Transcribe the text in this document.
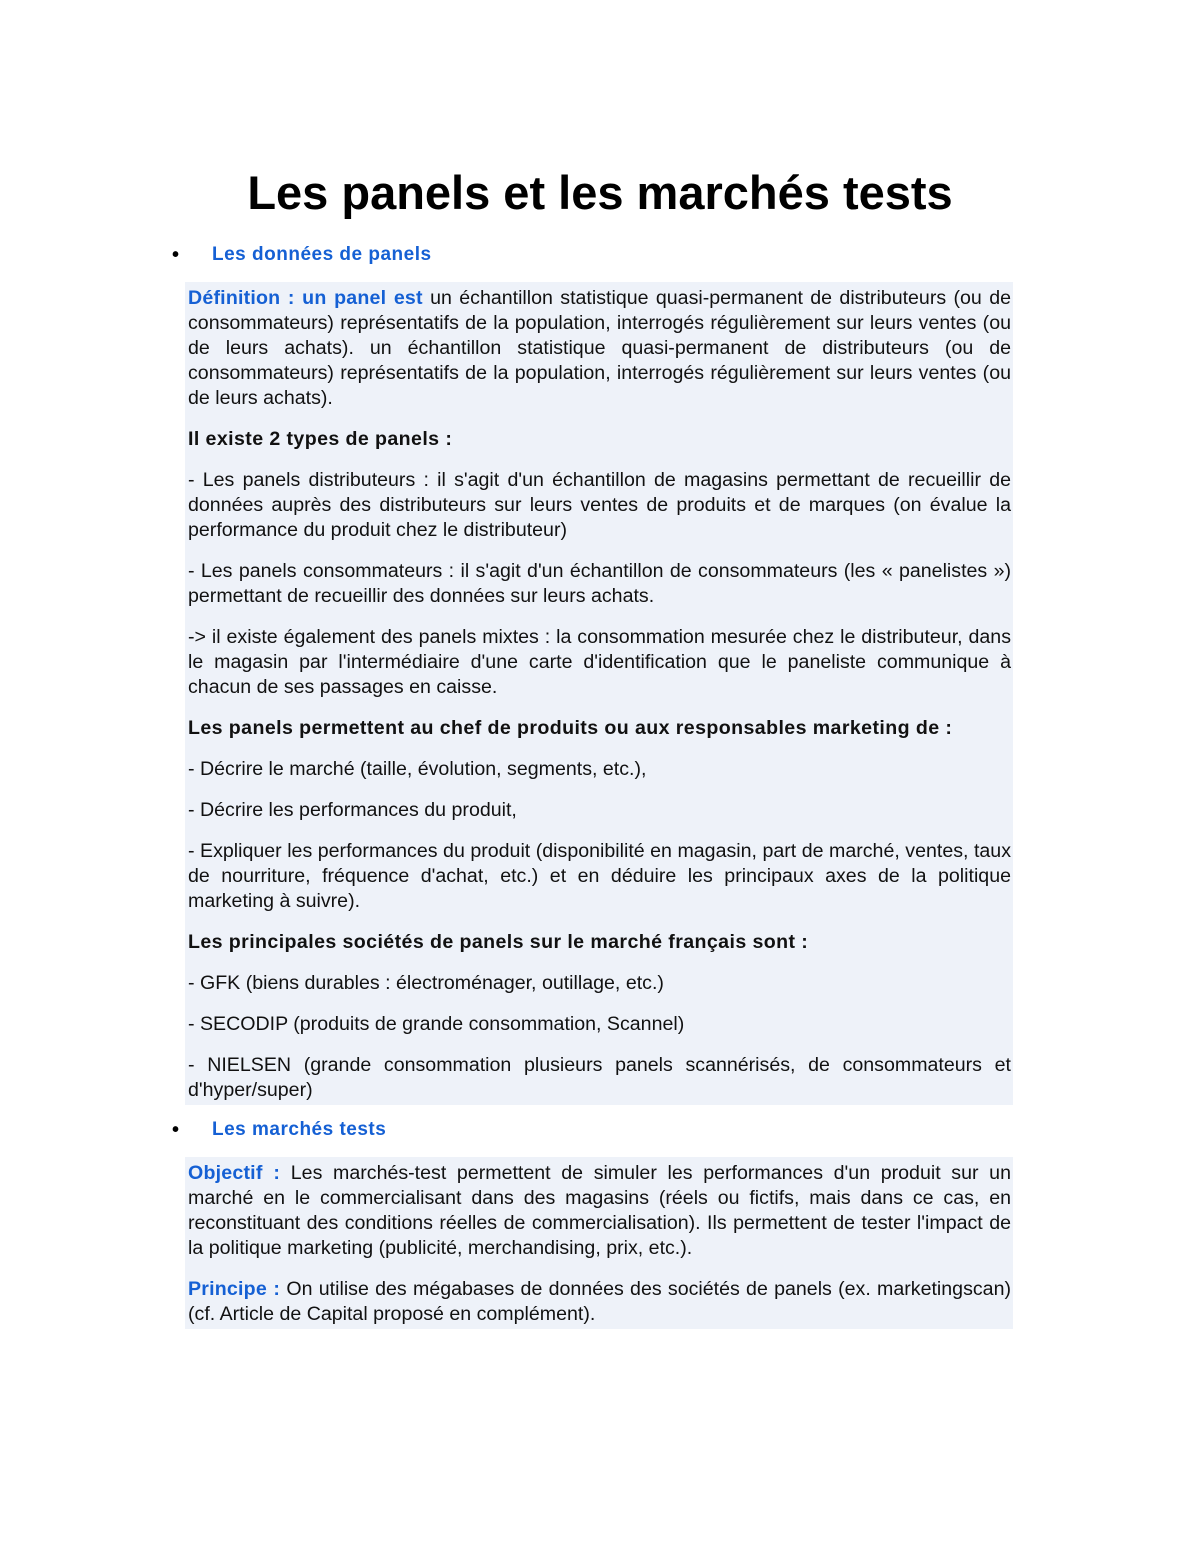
Les panels et les marchés tests
• Les données de panels

Définition : un panel est un échantillon statistique quasi-permanent de distributeurs (ou de consommateurs) représentatifs de la population, interrogés régulièrement sur leurs ventes (ou de leurs achats). un échantillon statistique quasi-permanent de distributeurs (ou de consommateurs) représentatifs de la population, interrogés régulièrement sur leurs ventes (ou de leurs achats).

Il existe 2 types de panels :

- Les panels distributeurs : il s'agit d'un échantillon de magasins permettant de recueillir de données auprès des distributeurs sur leurs ventes de produits et de marques (on évalue la performance du produit chez le distributeur)

- Les panels consommateurs : il s'agit d'un échantillon de consommateurs (les « panelistes ») permettant de recueillir des données sur leurs achats.

-> il existe également des panels mixtes : la consommation mesurée chez le distributeur, dans le magasin par l'intermédiaire d'une carte d'identification que le paneliste communique à chacun de ses passages en caisse.

Les panels permettent au chef de produits ou aux responsables marketing de :

- Décrire le marché (taille, évolution, segments, etc.),

- Décrire les performances du produit,

- Expliquer les performances du produit (disponibilité en magasin, part de marché, ventes, taux de nourriture, fréquence d'achat, etc.) et en déduire les principaux axes de la politique marketing à suivre).

Les principales sociétés de panels sur le marché français sont :

- GFK (biens durables : électroménager, outillage, etc.)

- SECODIP (produits de grande consommation, Scannel)

- NIELSEN (grande consommation plusieurs panels scannérisés, de consommateurs et d'hyper/super)

• Les marchés tests

Objectif : Les marchés-test permettent de simuler les performances d'un produit sur un marché en le commercialisant dans des magasins (réels ou fictifs, mais dans ce cas, en reconstituant des conditions réelles de commercialisation). Ils permettent de tester l'impact de la politique marketing (publicité, merchandising, prix, etc.).

Principe : On utilise des mégabases de données des sociétés de panels (ex. marketingscan) (cf. Article de Capital proposé en complément).
